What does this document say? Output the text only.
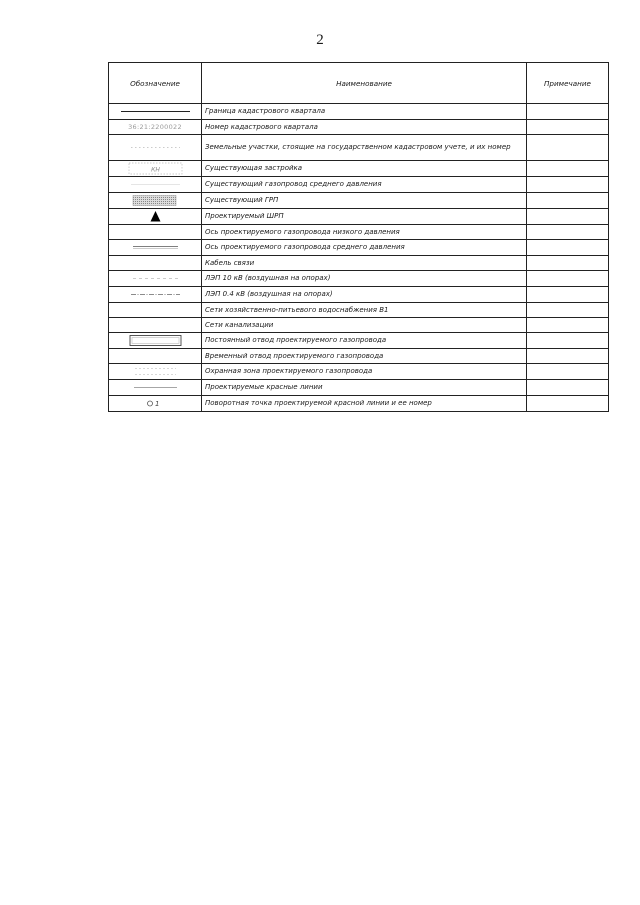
2
Обозначение	Наименование	Примечание

	Граница кадастрового квартала	
36:21:2200022	Номер кадастрового квартала	

	Земельные участки, стоящие на государственном кадастровом учете, и их номер	

КН	Существующая застройка	

	Существующий газопровод среднего давления	

	Существующий ГРП	

	Проектируемый ШРП	
	Ось проектируемого газопровода низкого давления	

	Ось проектируемого газопровода среднего давления	
	Кабель связи	

	ЛЭП 10 кВ (воздушная на опорах)	

	ЛЭП 0.4 кВ (воздушная на опорах)	
	Сети хозяйственно-питьевого водоснабжения В1	
	Сети канализации	

	Постоянный отвод проектируемого газопровода	
	Временный отвод проектируемого газопровода	

	Охранная зона проектируемого газопровода	

	Проектируемые красные линии	

1	Поворотная точка проектируемой красной линии и ее номер	
